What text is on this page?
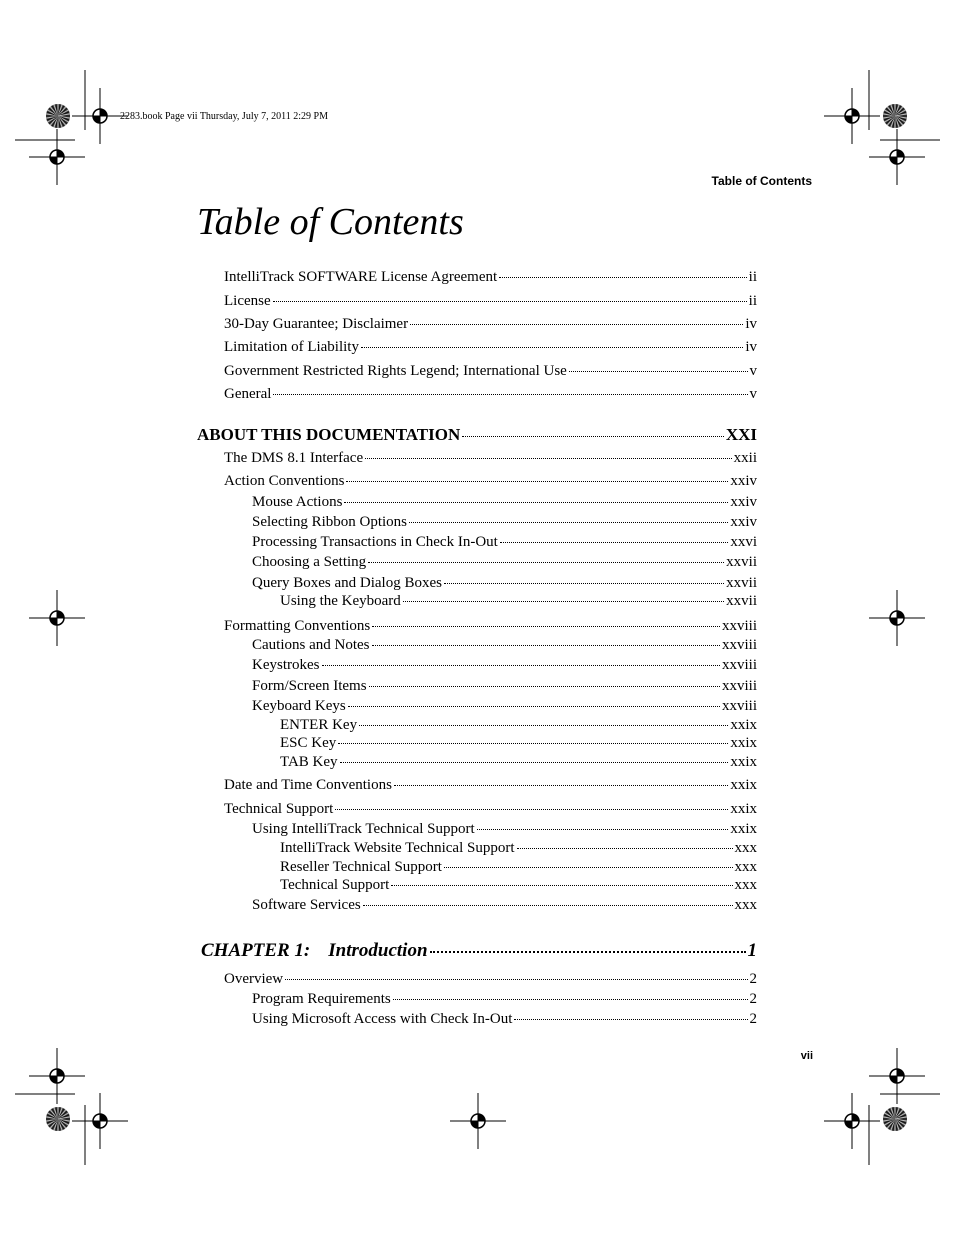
2283.book Page vii Thursday, July 7, 2011 2:29 PM
Table of Contents
Table of Contents
IntelliTrack SOFTWARE License Agreement	ii
License	ii
30-Day Guarantee; Disclaimer	iv
Limitation of Liability	iv
Government Restricted Rights Legend; International Use	v
General	v
ABOUT THIS DOCUMENTATION	XXI
The DMS 8.1 Interface	xxii
Action Conventions	xxiv
Mouse Actions	xxiv
Selecting Ribbon Options	xxiv
Processing Transactions in Check In-Out	xxvi
Choosing a Setting	xxvii
Query Boxes and Dialog Boxes	xxvii
Using the Keyboard	xxvii
Formatting Conventions	xxviii
Cautions and Notes	xxviii
Keystrokes	xxviii
Form/Screen Items	xxviii
Keyboard Keys	xxviii
ENTER Key	xxix
ESC Key	xxix
TAB Key	xxix
Date and Time Conventions	xxix
Technical Support	xxix
Using IntelliTrack Technical Support	xxix
IntelliTrack Website Technical Support	xxx
Reseller Technical Support	xxx
Technical Support	xxx
Software Services	xxx
CHAPTER 1: Introduction	1
Overview	2
Program Requirements	2
Using Microsoft Access with Check In-Out	2
vii
